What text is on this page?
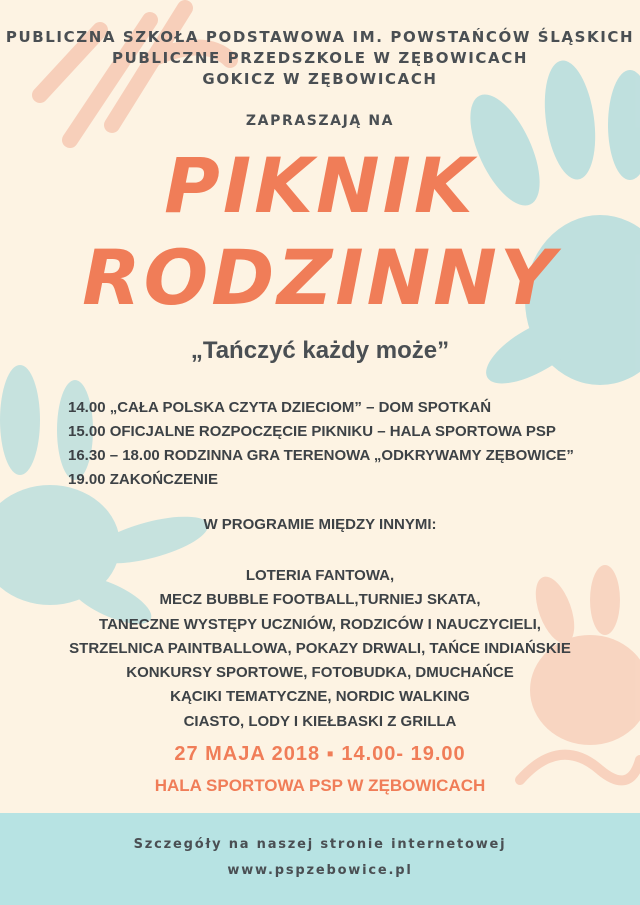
PUBLICZNA SZKOŁA PODSTAWOWA IM. POWSTAŃCÓW ŚLĄSKICH
PUBLICZNE PRZEDSZKOLE W ZĘBOWICACH
GOKICZ W ZĘBOWICACH
ZAPRASZAJĄ NA
PIKNIK
RODZINNY
„Tańczyć każdy może”
14.00 „CAŁA POLSKA CZYTA DZIECIOM” – DOM SPOTKAŃ
15.00 OFICJALNE ROZPOCZĘCIE PIKNIKU – HALA SPORTOWA PSP
16.30 – 18.00 RODZINNA GRA TERENOWA „ODKRYWAMY ZĘBOWICE”
19.00 ZAKOŃCZENIE
W PROGRAMIE MIĘDZY INNYMI:
LOTERIA FANTOWA,
MECZ BUBBLE FOOTBALL,TURNIEJ SKATA,
TANECZNE WYSTĘPY UCZNIÓW, RODZICÓW I NAUCZYCIELI,
STRZELNICA PAINTBALLOWA, POKAZY DRWALI, TAŃCE INDIAŃSKIE
KONKURSY SPORTOWE, FOTOBUDKA, DMUCHAŃCE
KĄCIKI TEMATYCZNE, NORDIC WALKING
CIASTO, LODY I KIEŁBASKI Z GRILLA
27 MAJA 2018 ▪ 14.00- 19.00
HALA SPORTOWA PSP W ZĘBOWICACH
Szczegóły na naszej stronie internetowej
www.pspzebowice.pl
